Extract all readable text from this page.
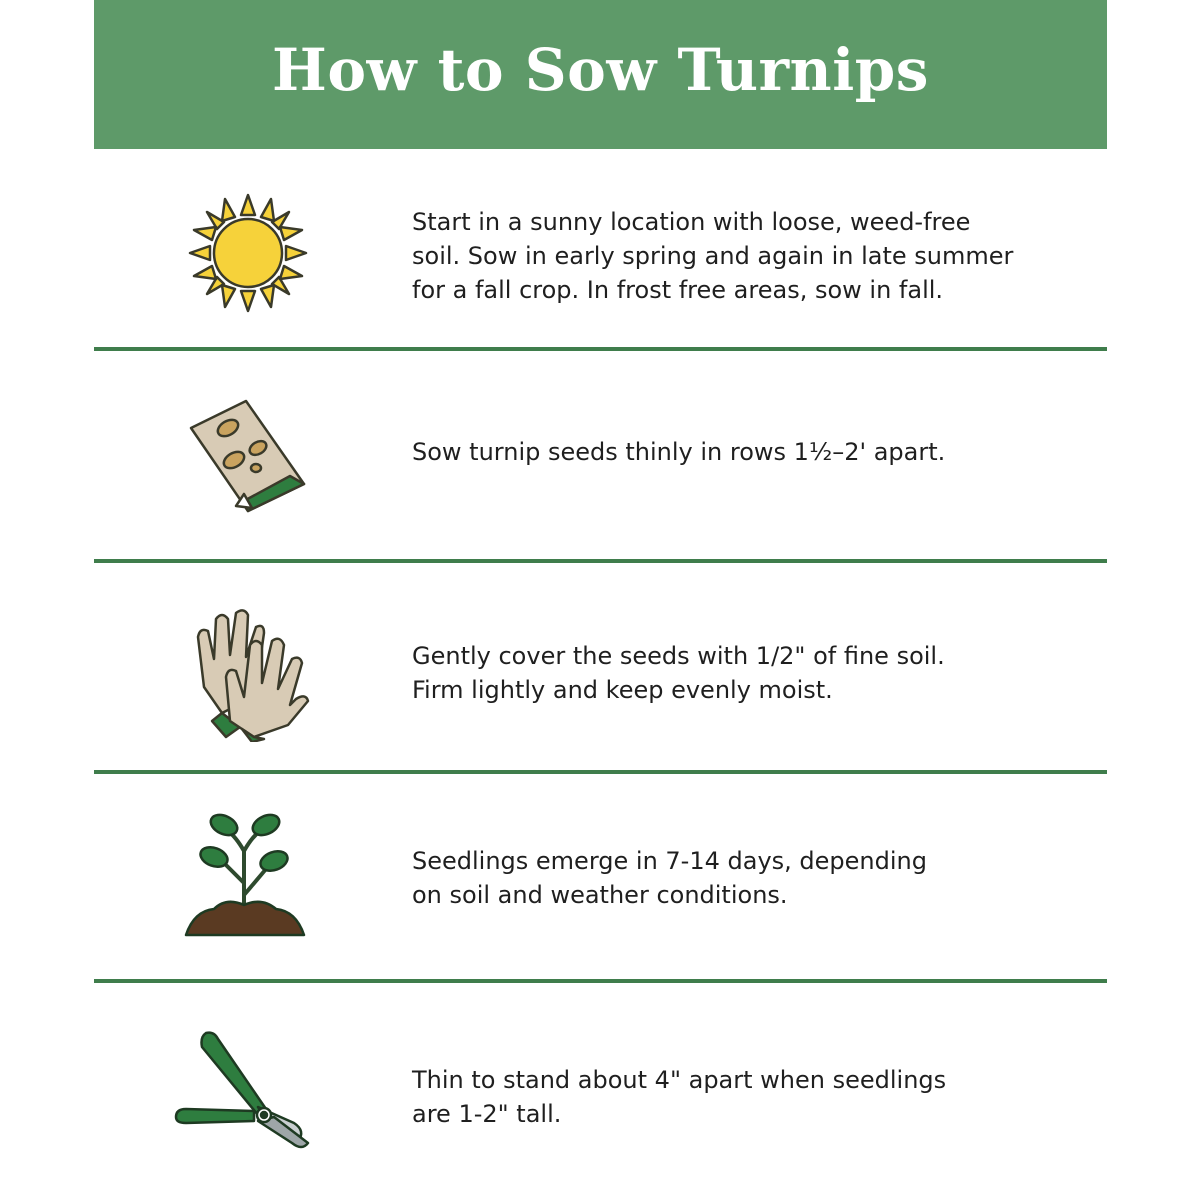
How to Sow Turnips
Start in a sunny location with loose, weed-free
soil. Sow in early spring and again in late summer
for a fall crop. In frost free areas, sow in fall.
Sow turnip seeds thinly in rows 1½–2' apart.
Gently cover the seeds with 1/2" of fine soil.
Firm lightly and keep evenly moist.
Seedlings emerge in 7-14 days, depending
on soil and weather conditions.
Thin to stand about 4" apart when seedlings
are 1-2" tall.
